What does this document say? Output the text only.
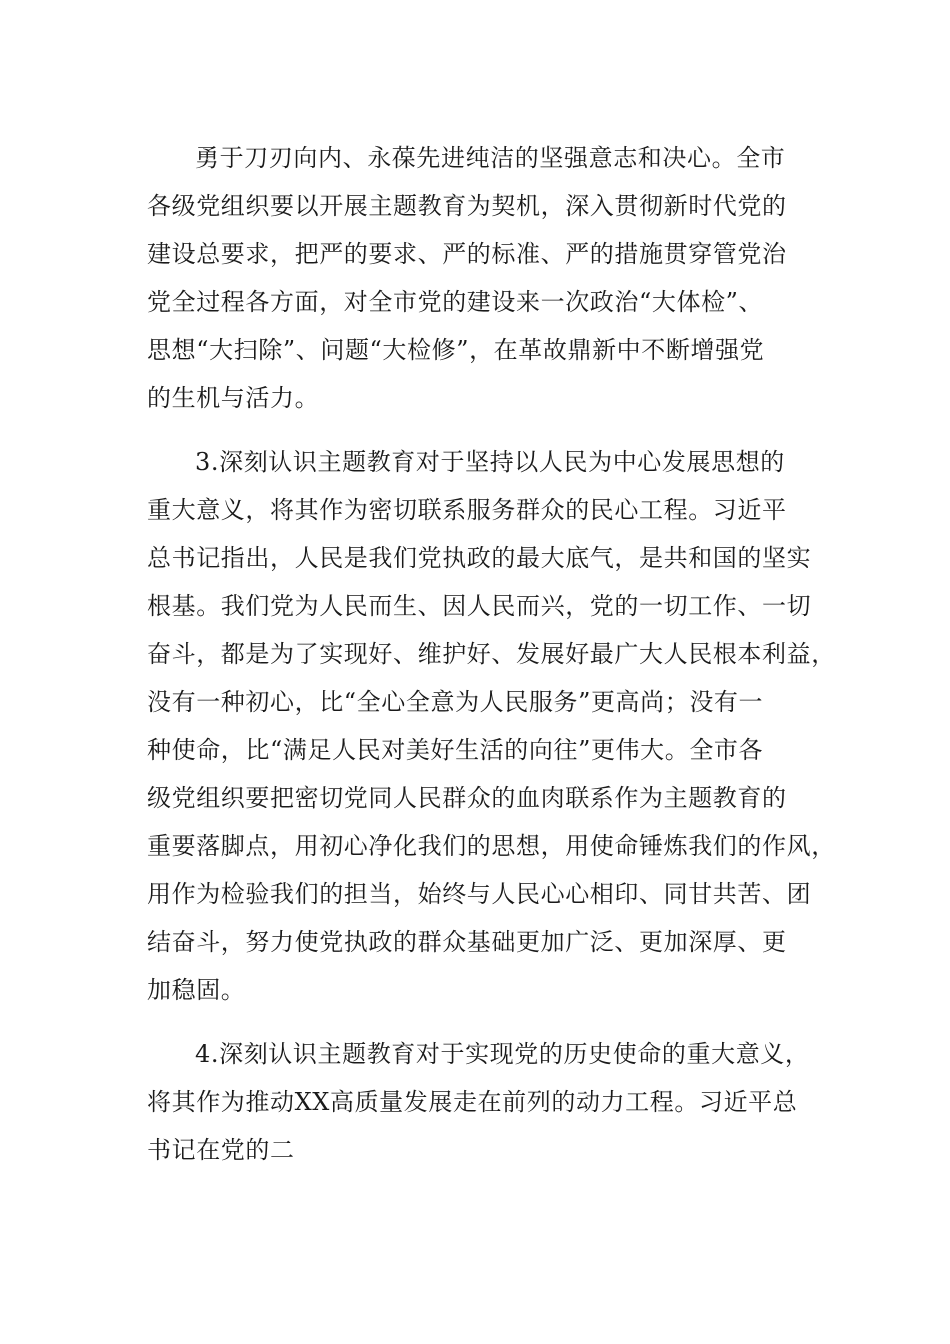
勇于刀刃向内、永葆先进纯洁的坚强意志和决心。全市
各级党组织要以开展主题教育为契机，深入贯彻新时代党的
建设总要求，把严的要求、严的标准、严的措施贯穿管党治
党全过程各方面，对全市党的建设来一次政治“大体检”、
思想“大扫除”、问题“大检修”，在革故鼎新中不断增强党
的生机与活力。
3.深刻认识主题教育对于坚持以人民为中心发展思想的
重大意义，将其作为密切联系服务群众的民心工程。习近平
总书记指出，人民是我们党执政的最大底气，是共和国的坚实
根基。我们党为人民而生、因人民而兴，党的一切工作、一切
奋斗，都是为了实现好、维护好、发展好最广大人民根本利益，
没有一种初心，比“全心全意为人民服务”更高尚；没有一
种使命，比“满足人民对美好生活的向往”更伟大。全市各
级党组织要把密切党同人民群众的血肉联系作为主题教育的
重要落脚点，用初心净化我们的思想，用使命锤炼我们的作风，
用作为检验我们的担当，始终与人民心心相印、同甘共苦、团
结奋斗，努力使党执政的群众基础更加广泛、更加深厚、更
加稳固。
4.深刻认识主题教育对于实现党的历史使命的重大意义，
将其作为推动XX高质量发展走在前列的动力工程。习近平总
书记在党的二
